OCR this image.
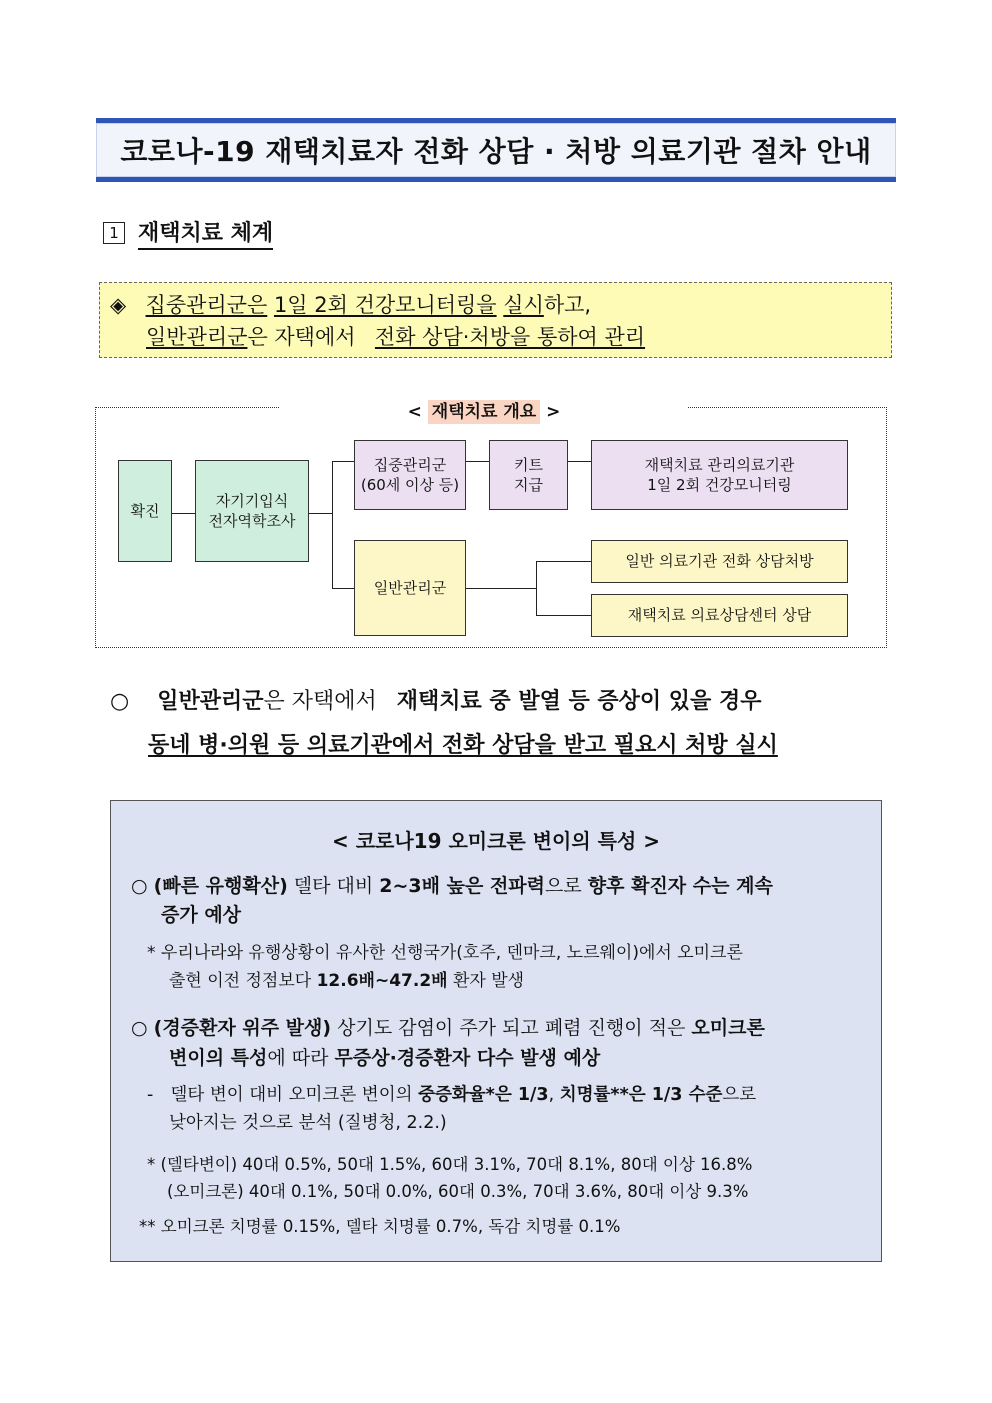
코로나-19 재택치료자 전화 상담 · 처방 의료기관 절차 안내
1 재택치료 체계
◈ 집중관리군은 1일 2회 건강모니터링을 실시하고,
일반관리군은 자택에서 전화 상담·처방을 통하여 관리
< 재택치료 개요 >
확진
자기기입식
전자역학조사
집중관리군
(60세 이상 등)
키트
지급
재택치료 관리의료기관
1일 2회 건강모니터링
일반관리군
일반 의료기관 전화 상담처방
재택치료 의료상담센터 상담
○ 일반관리군은 자택에서 재택치료 중 발열 등 증상이 있을 경우
동네 병·의원 등 의료기관에서 전화 상담을 받고 필요시 처방 실시
< 코로나19 오미크론 변이의 특성 >
○ (빠른 유행확산) 델타 대비 2~3배 높은 전파력으로 향후 확진자 수는 계속
증가 예상
* 우리나라와 유행상황이 유사한 선행국가(호주, 덴마크, 노르웨이)에서 오미크론
출현 이전 정점보다 12.6배~47.2배 환자 발생
○ (경증환자 위주 발생) 상기도 감염이 주가 되고 폐렴 진행이 적은 오미크론
변이의 특성에 따라 무증상·경증환자 다수 발생 예상
- 델타 변이 대비 오미크론 변이의 중증화율*은 1/3, 치명률**은 1/3 수준으로
낮아지는 것으로 분석 (질병청, 2.2.)
* (델타변이) 40대 0.5%, 50대 1.5%, 60대 3.1%, 70대 8.1%, 80대 이상 16.8%
(오미크론) 40대 0.1%, 50대 0.0%, 60대 0.3%, 70대 3.6%, 80대 이상 9.3%
** 오미크론 치명률 0.15%, 델타 치명률 0.7%, 독감 치명률 0.1%
